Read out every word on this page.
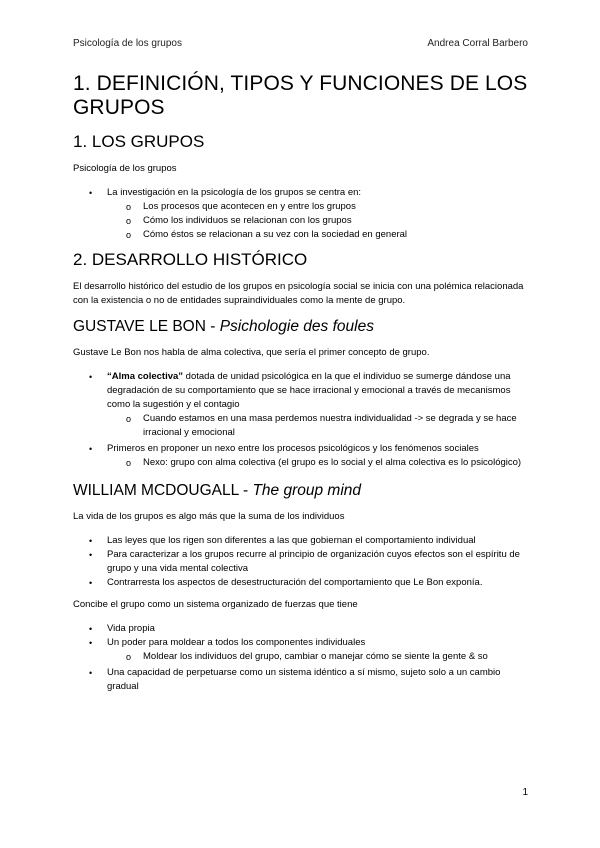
Psicología de los grupos	Andrea Corral Barbero
1. DEFINICIÓN, TIPOS Y FUNCIONES DE LOS GRUPOS
1. LOS GRUPOS

Psicología de los grupos

• La investigación en la psicología de los grupos se centra en:
o Los procesos que acontecen en y entre los grupos
o Cómo los individuos se relacionan con los grupos
o Cómo éstos se relacionan a su vez con la sociedad en general
2. DESARROLLO HISTÓRICO

El desarrollo histórico del estudio de los grupos en psicología social se inicia con una polémica relacionada con la existencia o no de entidades supraindividuales como la mente de grupo.

GUSTAVE LE BON - Psichologie des foules

Gustave Le Bon nos habla de alma colectiva, que sería el primer concepto de grupo.

• “Alma colectiva” dotada de unidad psicológica en la que el individuo se sumerge dándose una degradación de su comportamiento que se hace irracional y emocional a través de mecanismos como la sugestión y el contagio
o Cuando estamos en una masa perdemos nuestra individualidad -> se degrada y se hace irracional y emocional
• Primeros en proponer un nexo entre los procesos psicológicos y los fenómenos sociales
o Nexo: grupo con alma colectiva (el grupo es lo social y el alma colectiva es lo psicológico)
WILLIAM MCDOUGALL - The group mind

La vida de los grupos es algo más que la suma de los individuos

• Las leyes que los rigen son diferentes a las que gobiernan el comportamiento individual
• Para caracterizar a los grupos recurre al principio de organización cuyos efectos son el espíritu de grupo y una vida mental colectiva
• Contrarresta los aspectos de desestructuración del comportamiento que Le Bon exponía.

Concibe el grupo como un sistema organizado de fuerzas que tiene

• Vida propia
• Un poder para moldear a todos los componentes individuales
o Moldear los individuos del grupo, cambiar o manejar cómo se siente la gente & so
• Una capacidad de perpetuarse como un sistema idéntico a sí mismo, sujeto solo a un cambio gradual
1
